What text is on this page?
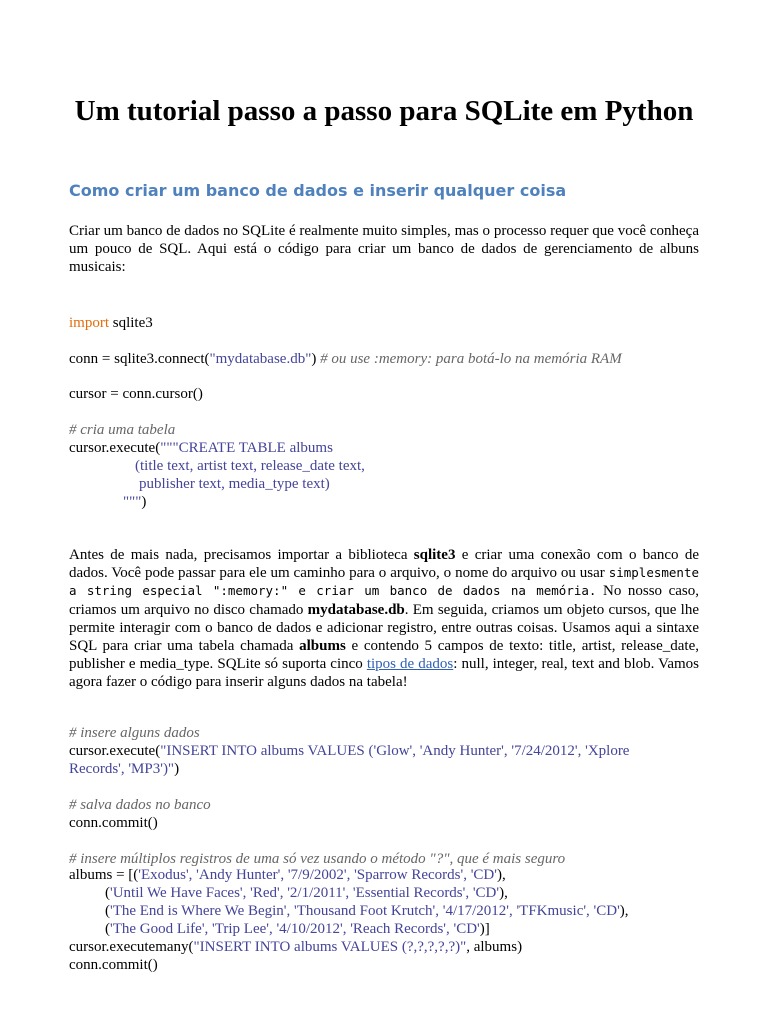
Um tutorial passo a passo para SQLite em Python
Como criar um banco de dados e inserir qualquer coisa
Criar um banco de dados no SQLite é realmente muito simples, mas o processo requer que você conheça um pouco de SQL. Aqui está o código para criar um banco de dados de gerenciamento de albuns musicais:
import sqlite3
conn = sqlite3.connect("mydatabase.db") # ou use :memory: para botá-lo na memória RAM
cursor = conn.cursor()
# cria uma tabela
cursor.execute("""CREATE TABLE albums
(title text, artist text, release_date text,
publisher text, media_type text)
""")
Antes de mais nada, precisamos importar a biblioteca sqlite3 e criar uma conexão com o banco de dados. Você pode passar para ele um caminho para o arquivo, o nome do arquivo ou usar simplesmente a string especial ":memory:" e criar um banco de dados na memória. No nosso caso, criamos um arquivo no disco chamado mydatabase.db. Em seguida, criamos um objeto cursos, que lhe permite interagir com o banco de dados e adicionar registro, entre outras coisas. Usamos aqui a sintaxe SQL para criar uma tabela chamada albums e contendo 5 campos de texto: title, artist, release_date, publisher e media_type. SQLite só suporta cinco tipos de dados: null, integer, real, text and blob. Vamos agora fazer o código para inserir alguns dados na tabela!
# insere alguns dados
cursor.execute("INSERT INTO albums VALUES ('Glow', 'Andy Hunter', '7/24/2012', 'Xplore
Records', 'MP3')")
# salva dados no banco
conn.commit()
# insere múltiplos registros de uma só vez usando o método "?", que é mais seguro
albums = [('Exodus', 'Andy Hunter', '7/9/2002', 'Sparrow Records', 'CD'),
('Until We Have Faces', 'Red', '2/1/2011', 'Essential Records', 'CD'),
('The End is Where We Begin', 'Thousand Foot Krutch', '4/17/2012', 'TFKmusic', 'CD'),
('The Good Life', 'Trip Lee', '4/10/2012', 'Reach Records', 'CD')]
cursor.executemany("INSERT INTO albums VALUES (?,?,?,?,?)", albums)
conn.commit()
